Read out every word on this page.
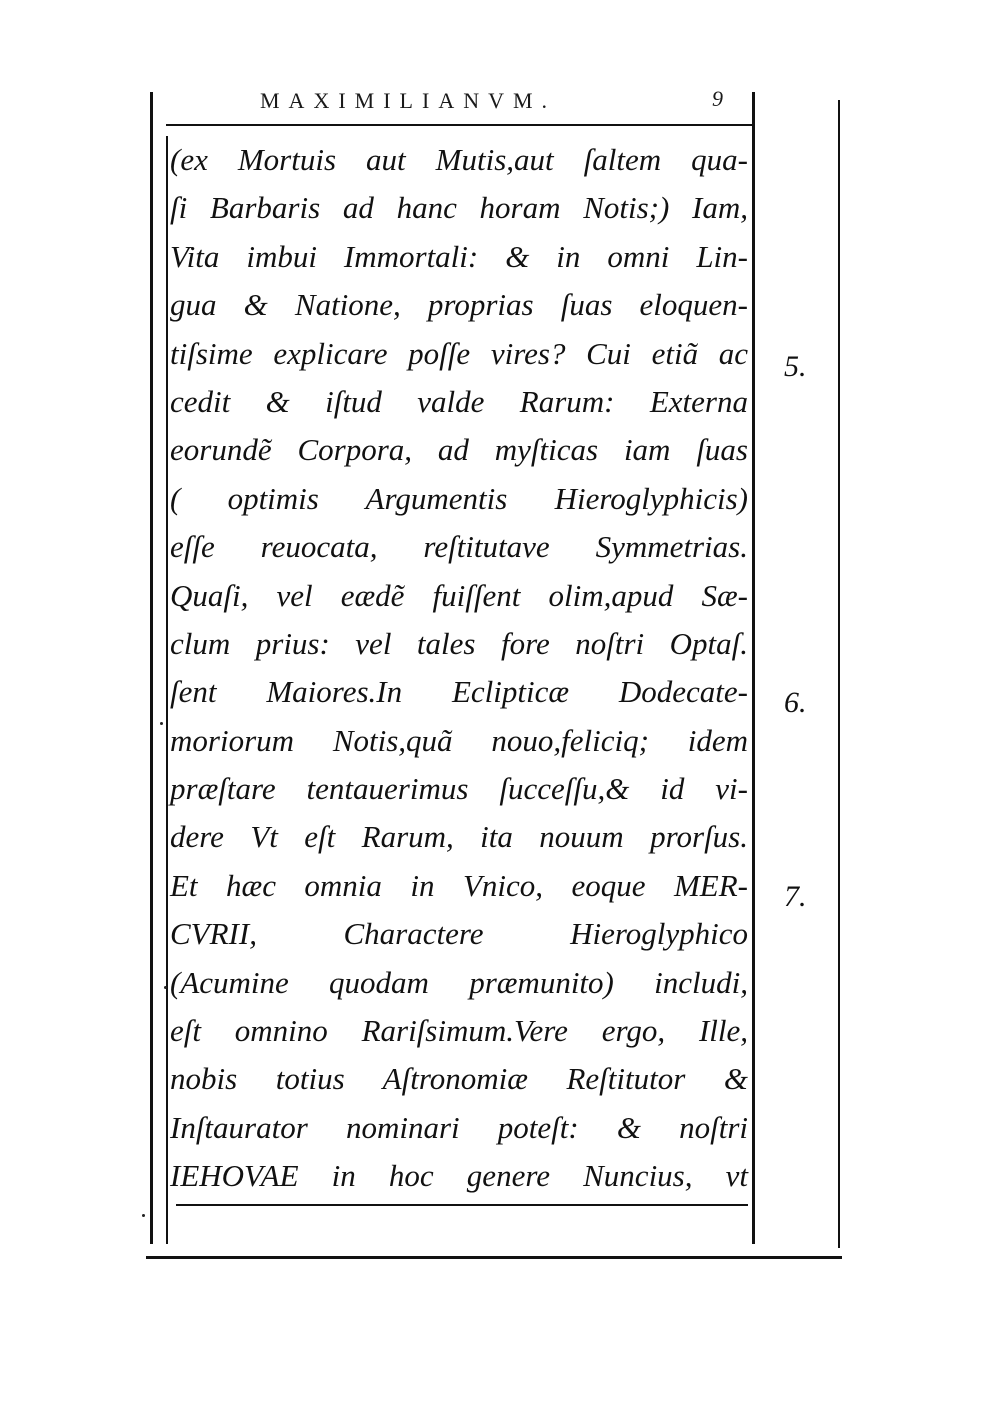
MAXIMILIANVM.	9
(ex Mortuis aut Mutis,aut ſaltem qua-
ſi Barbaris ad hanc horam Notis;) Iam,
Vita imbui Immortali: & in omni Lin-
gua & Natione, proprias ſuas eloquen-
tiſsime explicare poſſe vires? Cui etiã ac
cedit & iſtud valde Rarum: Externa
eorundẽ Corpora, ad myſticas iam ſuas
( optimis Argumentis Hieroglyphicis)
eſſe reuocata, reſtitutave Symmetrias.
Quaſi, vel eædẽ fuiſſent olim,apud Sæ-
clum prius: vel tales fore noſtri Optaſ.
ſent Maiores.In Eclipticæ Dodecate-
moriorum Notis,quã nouo,feliciq; idem
præſtare tentauerimus ſucceſſu,& id vi-
dere Vt eſt Rarum, ita nouum prorſus.
Et hæc omnia in Vnico, eoque MER-
CVRII, Charactere Hieroglyphico
(Acumine quodam præmunito) includi,
eſt omnino Rariſsimum.Vere ergo, Ille,
nobis totius Aſtronomiæ Reſtitutor &
Inſtaurator nominari poteſt: & noſtri
IEHOVAE in hoc genere Nuncius, vt
5.
6.
7.
